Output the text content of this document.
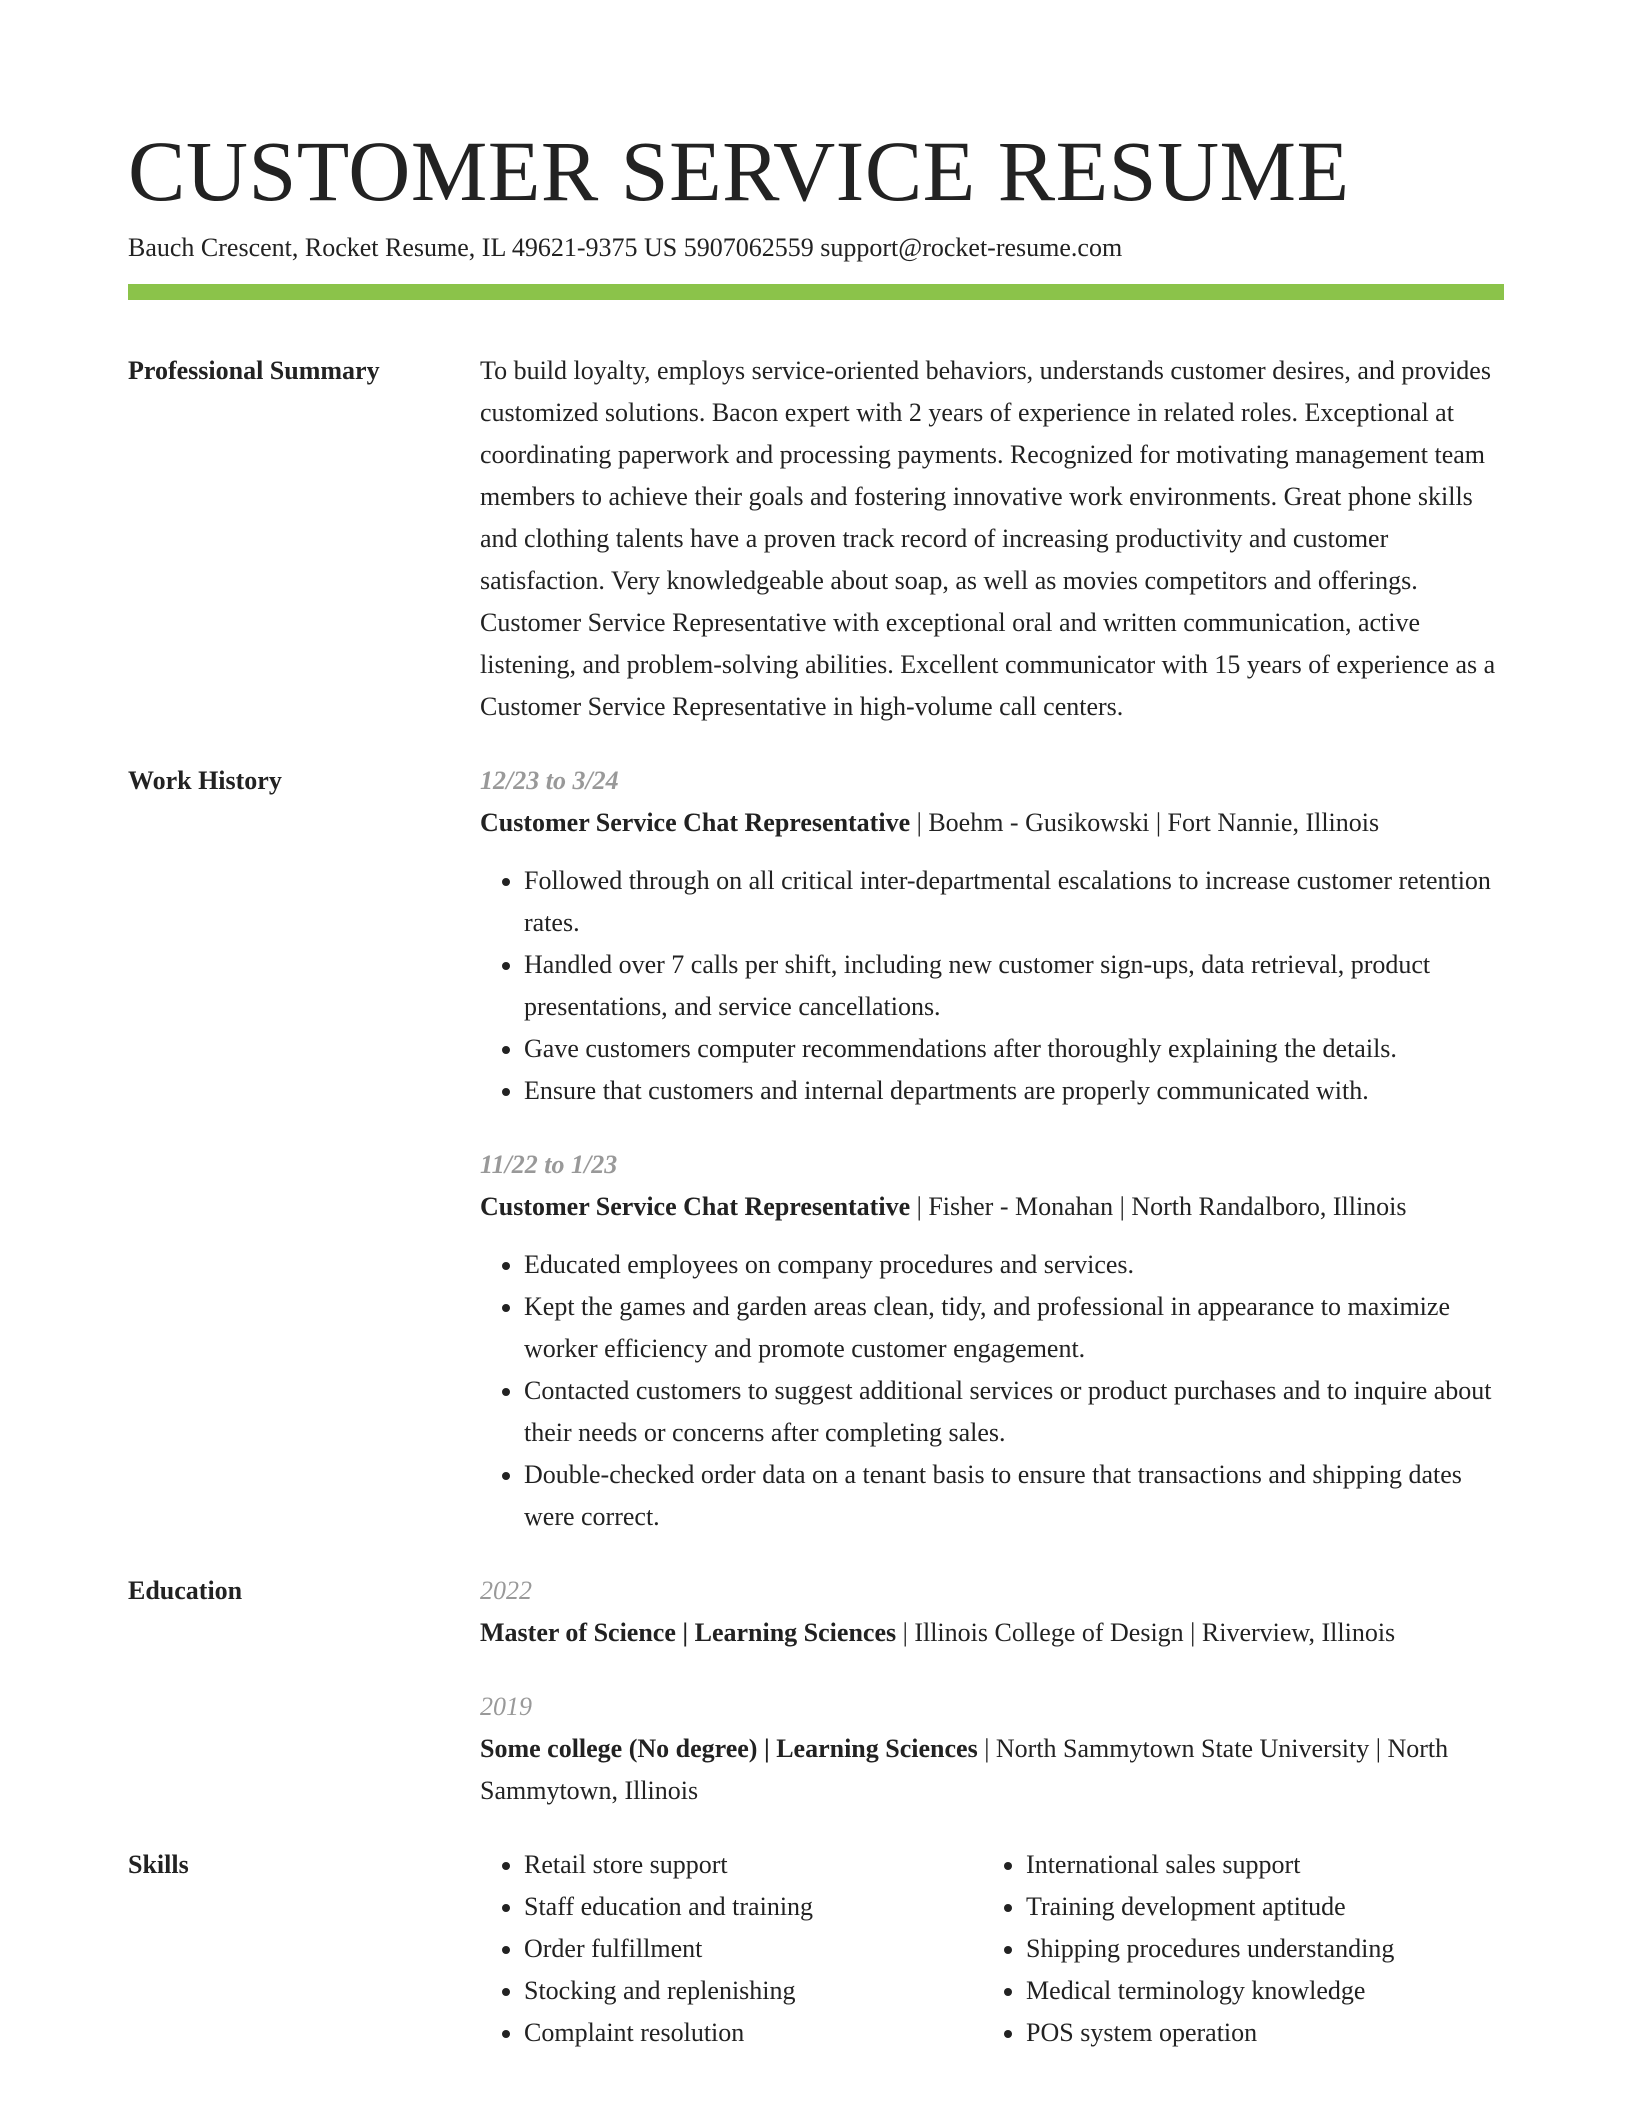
CUSTOMER SERVICE RESUME
Bauch Crescent, Rocket Resume, IL 49621-9375 US 5907062559 support@rocket-resume.com
Professional Summary	To build loyalty, employs service-oriented behaviors, understands customer desires, and provides customized solutions. Bacon expert with 2 years of experience in related roles. Exceptional at coordinating paperwork and processing payments. Recognized for motivating management team members to achieve their goals and fostering innovative work environments. Great phone skills and clothing talents have a proven track record of increasing productivity and customer satisfaction. Very knowledgeable about soap, as well as movies competitors and offerings. Customer Service Representative with exceptional oral and written communication, active listening, and problem-solving abilities. Excellent communicator with 15 years of experience as a Customer Service Representative in high-volume call centers.

Work History	12/23 to 3/24

Customer Service Chat Representative | Boehm - Gusikowski | Fort Nannie, Illinois

• Followed through on all critical inter-departmental escalations to increase customer retention rates.
• Handled over 7 calls per shift, including new customer sign-ups, data retrieval, product presentations, and service cancellations.
• Gave customers computer recommendations after thoroughly explaining the details.
• Ensure that customers and internal departments are properly communicated with.
11/22 to 1/23

Customer Service Chat Representative | Fisher - Monahan | North Randalboro, Illinois

• Educated employees on company procedures and services.
• Kept the games and garden areas clean, tidy, and professional in appearance to maximize worker efficiency and promote customer engagement.
• Contacted customers to suggest additional services or product purchases and to inquire about their needs or concerns after completing sales.
• Double-checked order data on a tenant basis to ensure that transactions and shipping dates were correct.
Education	2022

Master of Science | Learning Sciences | Illinois College of Design | Riverview, Illinois

2019

Some college (No degree) | Learning Sciences | North Sammytown State University | North Sammytown, Illinois

Skills
•	Retail store support
• Staff education and training
• Order fulfillment
• Stocking and replenishing
• Complaint resolution
• International sales support
• Training development aptitude
• Shipping procedures understanding
• Medical terminology knowledge
• POS system operation
